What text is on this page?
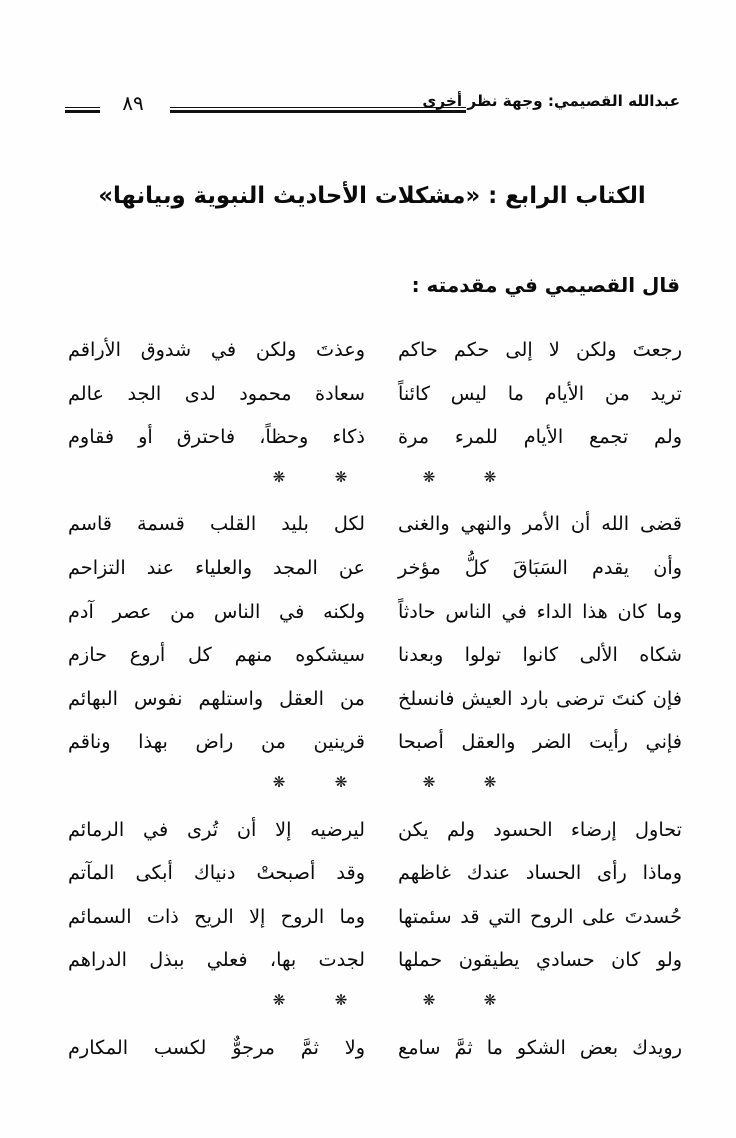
٨٩	عبدالله القصيمي: وجهة نظر أخرى
الكتاب الرابع : «مشكلات الأحاديث النبوية وبيانها»
قال القصيمي في مقدمته :
رجعتَ ولكن لا إلى حكم حاكم
وعذتَ ولكن في شدوق الأراقم
تريد من الأيام ما ليس كائناً
سعادة محمود لدى الجد عالم
ولم تجمع الأيام للمرء مرة
ذكاء وحظاً، فاحترق أو فقاوم
❋
❋
❋
❋
قضى الله أن الأمر والنهي والغنى
لكل بليد القلب قسمة قاسم
وأن يقدم السَبَاقَ كلُّ مؤخر
عن المجد والعلياء عند التزاحم
وما كان هذا الداء في الناس حادثاً
ولكنه في الناس من عصر آدم
شكاه الألى كانوا تولوا وبعدنا
سيشكوه منهم كل أروع حازم
فإن كنتَ ترضى بارد العيش فانسلخ
من العقل واستلهم نفوس البهائم
فإني رأيت الضر والعقل أصبحا
قرينين من راض بهذا وناقم
❋
❋
❋
❋
تحاول إرضاء الحسود ولم يكن
ليرضيه إلا أن تُرى في الرمائم
وماذا رأى الحساد عندك غاظهم
وقد أصبحتْ دنياك أبكى المآتم
حُسدتَ على الروح التي قد سئمتها
وما الروح إلا الريح ذات السمائم
ولو كان حسادي يطيقون حملها
لجدت بها، فعلي ببذل الدراهم
❋
❋
❋
❋
رويدك بعض الشكو ما ثمَّ سامع
ولا ثمَّ مرجوٌّ لكسب المكارم
